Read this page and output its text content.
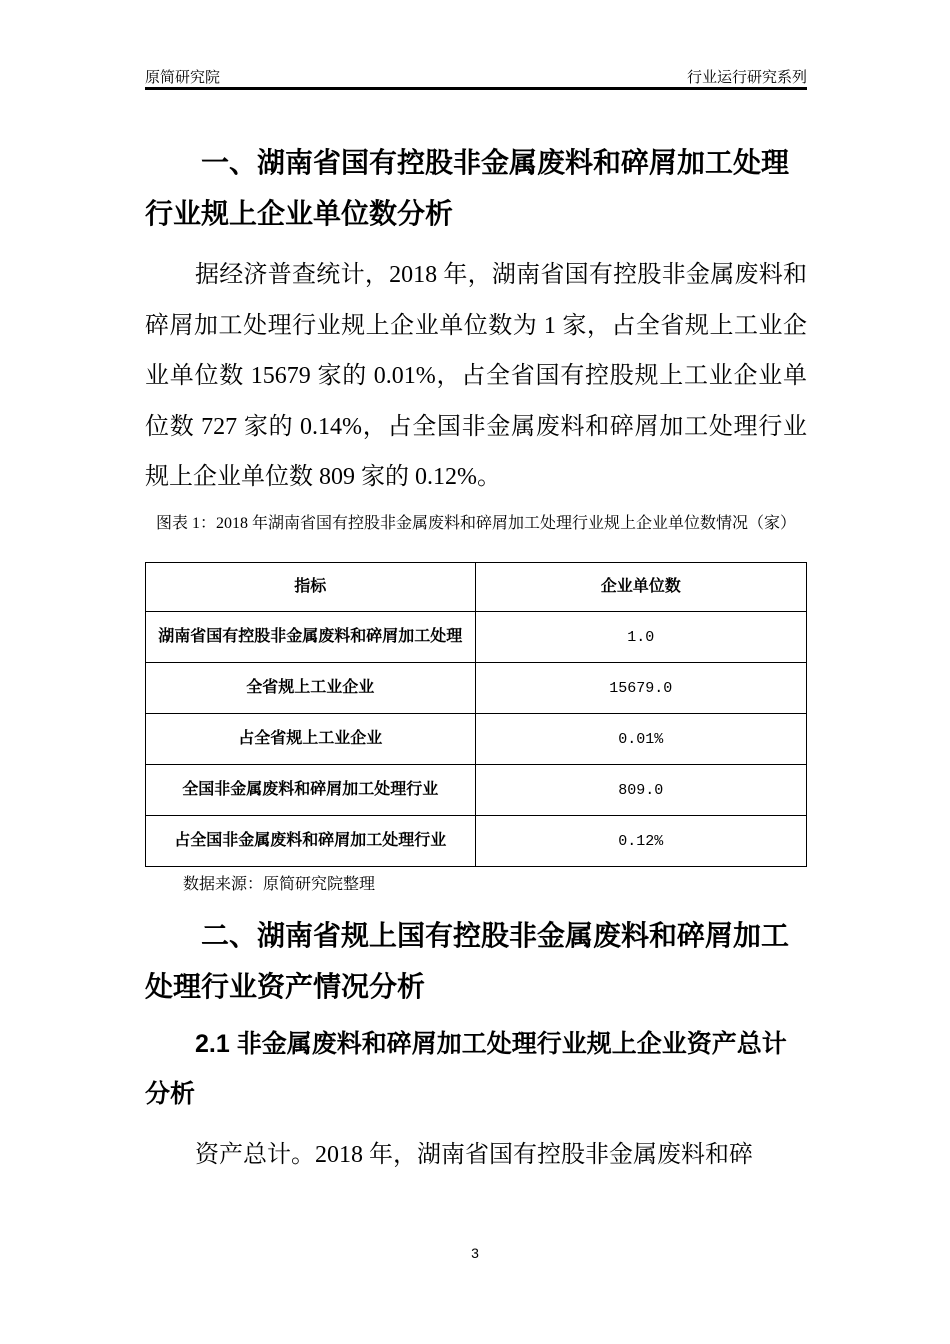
原简研究院	行业运行研究系列
一、湖南省国有控股非金属废料和碎屑加工处理行业规上企业单位数分析
据经济普查统计，2018 年，湖南省国有控股非金属废料和碎屑加工处理行业规上企业单位数为 1 家，占全省规上工业企业单位数 15679 家的 0.01%，占全省国有控股规上工业企业单位数 727 家的 0.14%，占全国非金属废料和碎屑加工处理行业规上企业单位数 809 家的 0.12%。
图表 1：2018 年湖南省国有控股非金属废料和碎屑加工处理行业规上企业单位数情况（家）
指标	企业单位数
湖南省国有控股非金属废料和碎屑加工处理	1.0
全省规上工业企业	15679.0
占全省规上工业企业	0.01%
全国非金属废料和碎屑加工处理行业	809.0
占全国非金属废料和碎屑加工处理行业	0.12%
数据来源：原简研究院整理
二、湖南省规上国有控股非金属废料和碎屑加工处理行业资产情况分析
2.1 非金属废料和碎屑加工处理行业规上企业资产总计分析
资产总计。2018 年，湖南省国有控股非金属废料和碎
3
